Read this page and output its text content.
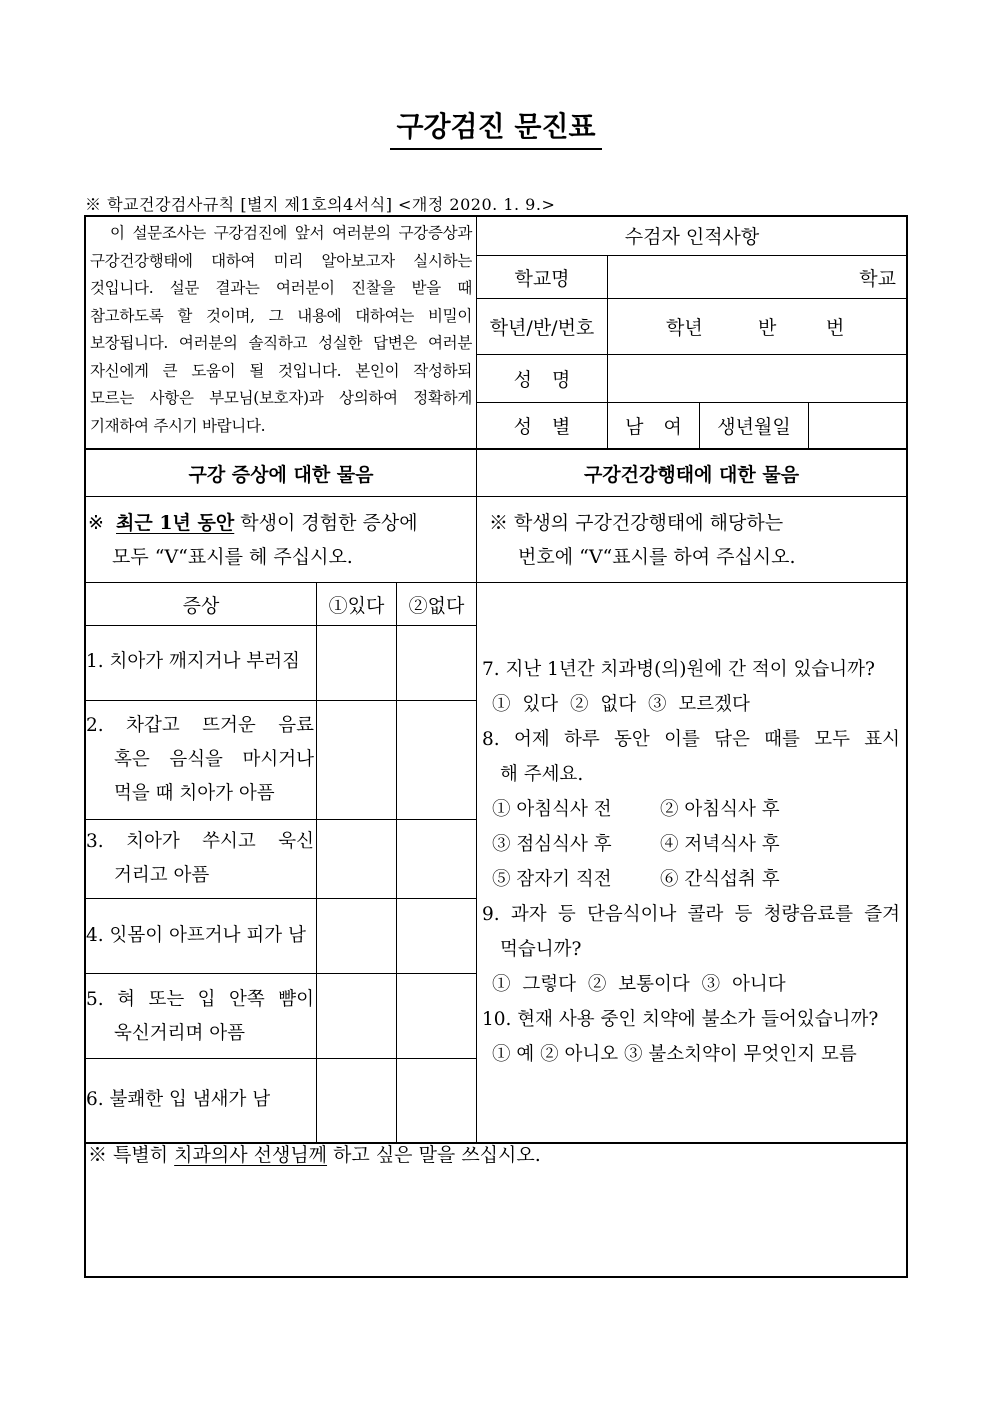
구강검진 문진표
※ 학교건강검사규칙 [별지 제1호의4서식] <개정 2020. 1. 9.>
이 설문조사는 구강검진에 앞서 여러분의 구강증상과
구강건강행태에 대하여 미리 알아보고자 실시하는
것입니다. 설문 결과는 여러분이 진찰을 받을 때
참고하도록 할 것이며, 그 내용에 대하여는 비밀이
보장됩니다. 여러분의 솔직하고 성실한 답변은 여러분
자신에게 큰 도움이 될 것입니다. 본인이 작성하되
모르는 사항은 부모님(보호자)과 상의하여 정확하게
기재하여 주시기 바랍니다.
수검자 인적사항
학교명	학교
학년/반/번호	학년	반	번
성 명
성 별	남 여	생년월일
구강 증상에 대한 물음	구강건강행태에 대한 물음
※ 최근 1년 동안 학생이 경험한 증상에
모두 “V“표시를 헤 주십시오.
※ 학생의 구강건강행태에 해당하는
번호에 “V“표시를 하여 주십시오.
증상	①있다	②없다
1. 치아가 깨지거나 부러짐
2. 차갑고 뜨거운 음료
혹은 음식을 마시거나
먹을 때 치아가 아픔
3. 치아가 쑤시고 욱신
거리고 아픔
4. 잇몸이 아프거나 피가 남
5. 혀 또는 입 안쪽 뺨이
욱신거리며 아픔
6. 불쾌한 입 냄새가 남
7. 지난 1년간 치과병(의)원에 간 적이 있습니까?
① 있다 ② 없다 ③ 모르겠다
8. 어제 하루 동안 이를 닦은 때를 모두 표시
해 주세요.
① 아침식사 전	② 아침식사 후
③ 점심식사 후	④ 저녁식사 후
⑤ 잠자기 직전	⑥ 간식섭취 후
9. 과자 등 단음식이나 콜라 등 청량음료를 즐겨
먹습니까?
① 그렇다 ② 보통이다 ③ 아니다
10. 현재 사용 중인 치약에 불소가 들어있습니까?
① 예 ② 아니오 ③ 불소치약이 무엇인지 모름
※ 특별히 치과의사 선생님께 하고 싶은 말을 쓰십시오.
